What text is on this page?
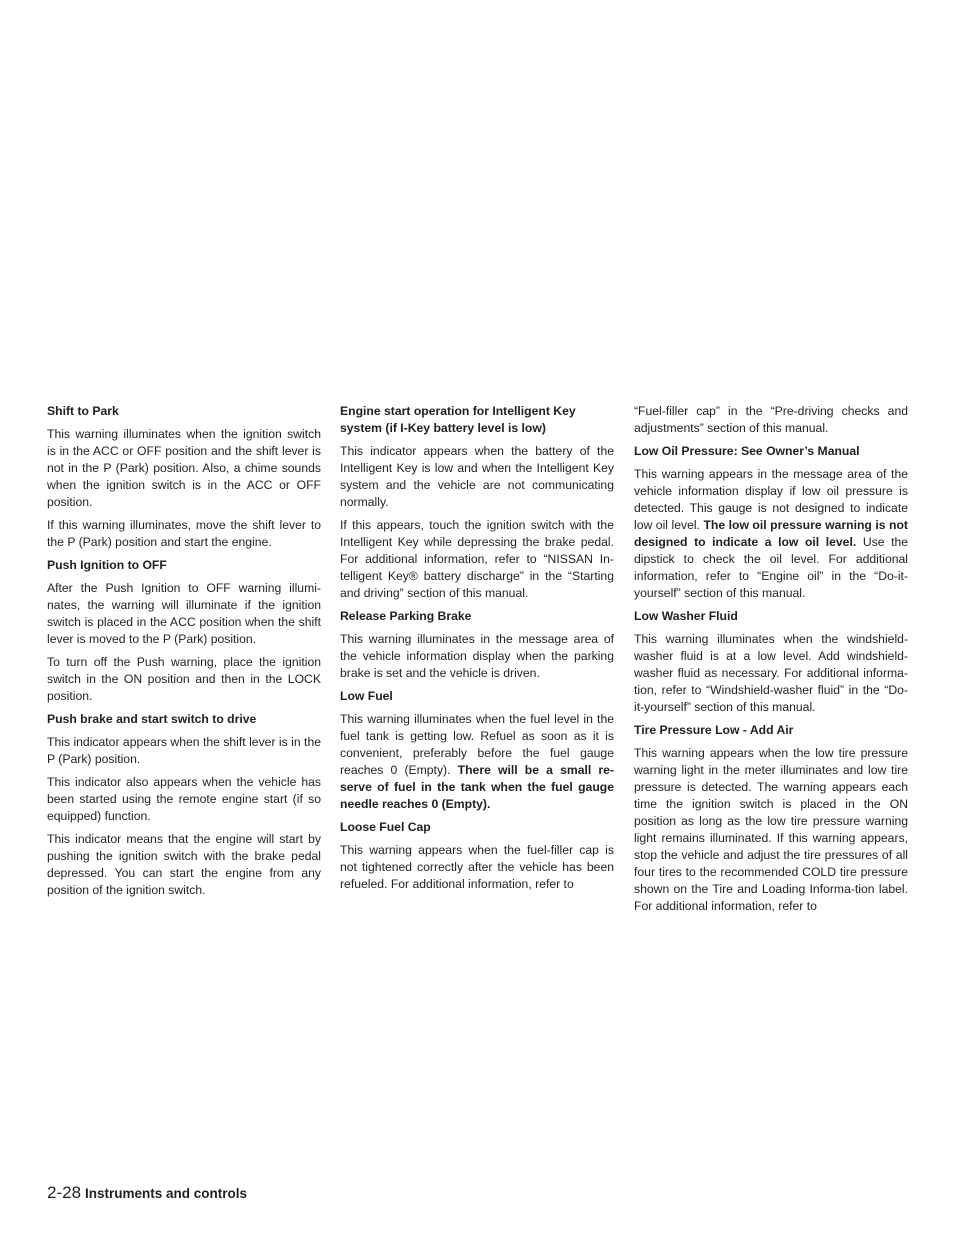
Shift to Park

This warning illuminates when the ignition switch is in the ACC or OFF position and the shift lever is not in the P (Park) position. Also, a chime sounds when the ignition switch is in the ACC or OFF position.

If this warning illuminates, move the shift lever to the P (Park) position and start the engine.

Push Ignition to OFF

After the Push Ignition to OFF warning illumi-nates, the warning will illuminate if the ignition switch is placed in the ACC position when the shift lever is moved to the P (Park) position.

To turn off the Push warning, place the ignition switch in the ON position and then in the LOCK position.

Push brake and start switch to drive

This indicator appears when the shift lever is in the P (Park) position.

This indicator also appears when the vehicle has been started using the remote engine start (if so equipped) function.

This indicator means that the engine will start by pushing the ignition switch with the brake pedal depressed. You can start the engine from any position of the ignition switch.

Engine start operation for Intelligent Key system (if I-Key battery level is low)

This indicator appears when the battery of the Intelligent Key is low and when the Intelligent Key system and the vehicle are not communicating normally.

If this appears, touch the ignition switch with the Intelligent Key while depressing the brake pedal. For additional information, refer to “NISSAN In-telligent Key® battery discharge” in the “Starting and driving” section of this manual.

Release Parking Brake

This warning illuminates in the message area of the vehicle information display when the parking brake is set and the vehicle is driven.

Low Fuel

This warning illuminates when the fuel level in the fuel tank is getting low. Refuel as soon as it is convenient, preferably before the fuel gauge reaches 0 (Empty). There will be a small re-serve of fuel in the tank when the fuel gauge needle reaches 0 (Empty).

Loose Fuel Cap

This warning appears when the fuel-filler cap is not tightened correctly after the vehicle has been refueled. For additional information, refer to

“Fuel-filler cap” in the “Pre-driving checks and adjustments” section of this manual.

Low Oil Pressure: See Owner’s Manual

This warning appears in the message area of the vehicle information display if low oil pressure is detected. This gauge is not designed to indicate low oil level. The low oil pressure warning is not designed to indicate a low oil level. Use the dipstick to check the oil level. For additional information, refer to “Engine oil” in the “Do-it-yourself” section of this manual.

Low Washer Fluid

This warning illuminates when the windshield-washer fluid is at a low level. Add windshield-washer fluid as necessary. For additional informa-tion, refer to “Windshield-washer fluid” in the “Do-it-yourself” section of this manual.

Tire Pressure Low - Add Air

This warning appears when the low tire pressure warning light in the meter illuminates and low tire pressure is detected. The warning appears each time the ignition switch is placed in the ON position as long as the low tire pressure warning light remains illuminated. If this warning appears, stop the vehicle and adjust the tire pressures of all four tires to the recommended COLD tire pressure shown on the Tire and Loading Informa-tion label. For additional information, refer to

2-28 Instruments and controls
